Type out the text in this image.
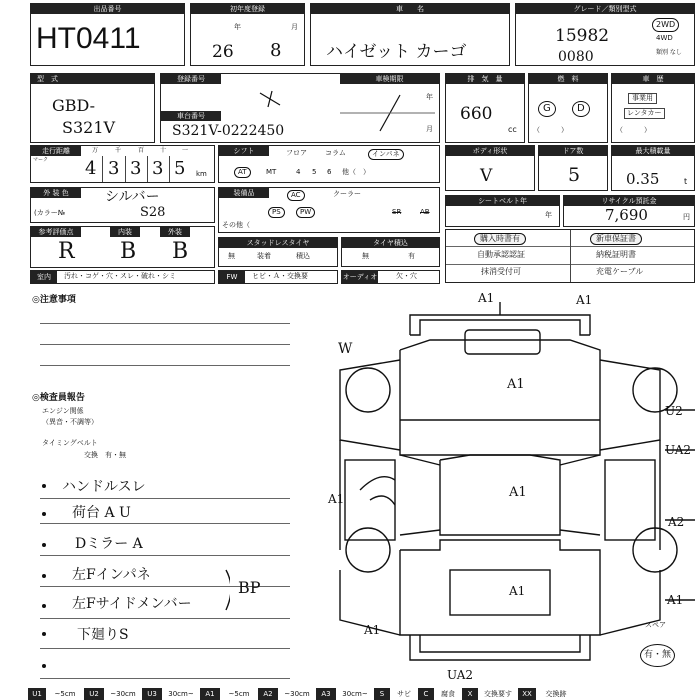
出品番号
HT0411
初年度登録
年	月
26 8
車　　名
ハイゼット カーゴ
グレード／類別型式
15982
0080
2WD
4WD
類別 なし
型　式
GBD-
S321V
登録番号
車台番号
車検期限
年
月
S321V-0222450
排　気　量
660
cc
燃　料
G	D
（　　　）
車　歴
事業用
レンタカー
（　　　）
走行距離
マーク
万	千	百	十	一
4 3 3 3 5 km
シフト	フロア	コラム	インパネ
AT	MT	4 5 6 他（　）
ボディ形状
V
ドア数
5
最大積載量
0.35	t
外 装 色	シルバー
(カラー№	S28
装備品	AC	クーラー
PS	PW	SR	AB
その他（
シートベルト年
年
リサイクル預託金
7,690	円
参考評価点	内装	外装
R B B	スタッドレスタイヤ
無	装着	積込
タイヤ積込
無	有
購入時書有	新車保証書
自動承認認証	納税証明書
抹消受付可	充電ケーブル
室内	汚れ・コゲ・穴・スレ・破れ・シミ	FW	ヒビ・Ａ・交換要	オーディオ	欠・穴
◎注意事項
W
◎検査員報告
エンジン関係
（異音・不調等）
タイミングベルト
交換　有・無
ハンドルスレ
荷台 A U
Dミラー A
左Fインパネ
左Fサイドメンバー
下廻りS
BP
A1	A1
A1
A1
A1
A1
A1
U2
UA2
A2
A1
UA2
スペア
有・無
U1	~5cm	U2	~30cm	U3	30cm~	A1	~5cm	A2	~30cm	A3	30cm~	S	サビ	C	腐食	X	交換要す	XX	交換跡
